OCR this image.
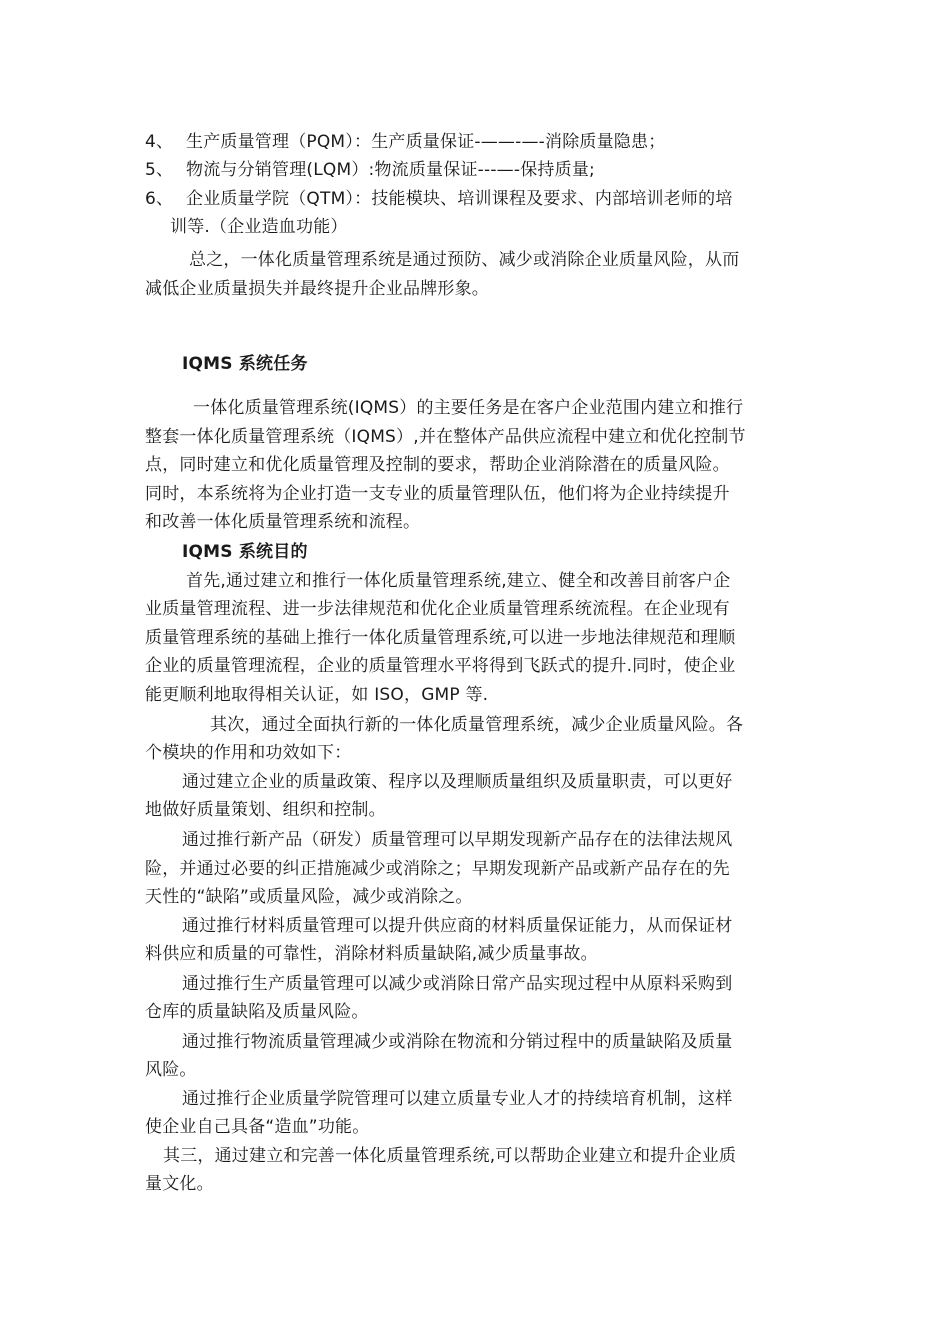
4、 生产质量管理（PQM）：生产质量保证-——-—-消除质量隐患；
5、 物流与分销管理(LQM）:物流质量保证---—-保持质量;
6、 企业质量学院（QTM）：技能模块、培训课程及要求、内部培训老师的培
训等.（企业造血功能）
总之，一体化质量管理系统是通过预防、减少或消除企业质量风险，从而
减低企业质量损失并最终提升企业品牌形象。
IQMS 系统任务
一体化质量管理系统(IQMS）的主要任务是在客户企业范围内建立和推行
整套一体化质量管理系统（IQMS）,并在整体产品供应流程中建立和优化控制节
点，同时建立和优化质量管理及控制的要求，帮助企业消除潜在的质量风险。
同时，本系统将为企业打造一支专业的质量管理队伍，他们将为企业持续提升
和改善一体化质量管理系统和流程。
IQMS 系统目的
首先,通过建立和推行一体化质量管理系统,建立、健全和改善目前客户企
业质量管理流程、进一步法律规范和优化企业质量管理系统流程。在企业现有
质量管理系统的基础上推行一体化质量管理系统,可以进一步地法律规范和理顺
企业的质量管理流程，企业的质量管理水平将得到飞跃式的提升.同时，使企业
能更顺利地取得相关认证，如 ISO，GMP 等.
其次，通过全面执行新的一体化质量管理系统，减少企业质量风险。各
个模块的作用和功效如下：
通过建立企业的质量政策、程序以及理顺质量组织及质量职责，可以更好
地做好质量策划、组织和控制。
通过推行新产品（研发）质量管理可以早期发现新产品存在的法律法规风
险，并通过必要的纠正措施减少或消除之；早期发现新产品或新产品存在的先
天性的“缺陷”或质量风险，减少或消除之。
通过推行材料质量管理可以提升供应商的材料质量保证能力，从而保证材
料供应和质量的可靠性，消除材料质量缺陷,减少质量事故。
通过推行生产质量管理可以减少或消除日常产品实现过程中从原料采购到
仓库的质量缺陷及质量风险。
通过推行物流质量管理减少或消除在物流和分销过程中的质量缺陷及质量
风险。
通过推行企业质量学院管理可以建立质量专业人才的持续培育机制，这样
使企业自己具备“造血”功能。
其三，通过建立和完善一体化质量管理系统,可以帮助企业建立和提升企业质
量文化。
